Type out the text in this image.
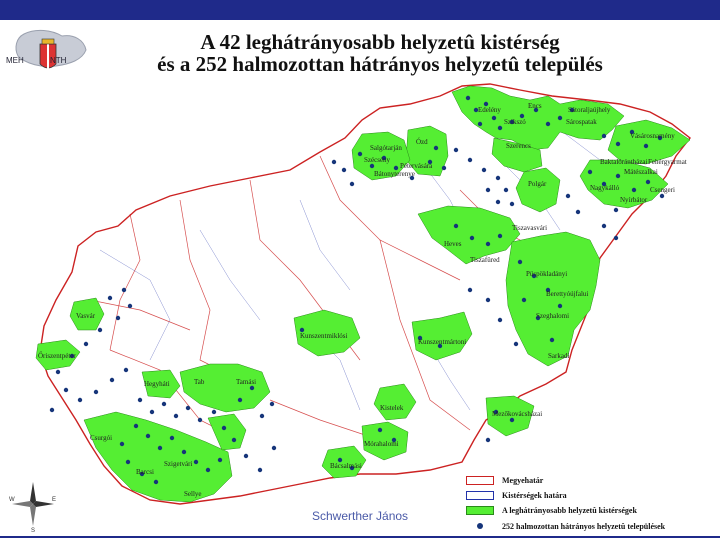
MEH	NTH
A 42 leghátrányosabb helyzetû kistérség
és a 252 halmozottan hátrányos helyzetû település
Edelény	Encs	Sátoraljaújhely
Szikszó	Sárospatak
Ózd	Szerencs
Vásárosnamény
Salgótarján
Szécsény
Pétervására
Bátonyterenye
Baktalórántházai Fehérgyarmat
Mátészalkai
Csengeri
Nagykálló
Nyírbátor
Polgár
Tiszavasvári
Heves
Tiszafüred
Püspökladányi
Berettyóújfalui
Szeghalomi
Sarkadi
Vasvár
Őriszentpéter
Kunszentmiklósi
Kunszentmártoni
Hegyháti	Tab	Tamási
Kistelek
Mezőkovácsházai
Csurgói
Mórahalomi
Barcsi
Szigetvári	Bácsalmási
Sellye
W	E
S
Megyehatár
Kistérségek határa
A leghátrányosabb helyzetû kistérségek
252 halmozottan hátrányos helyzetû települések
Schwerther János
